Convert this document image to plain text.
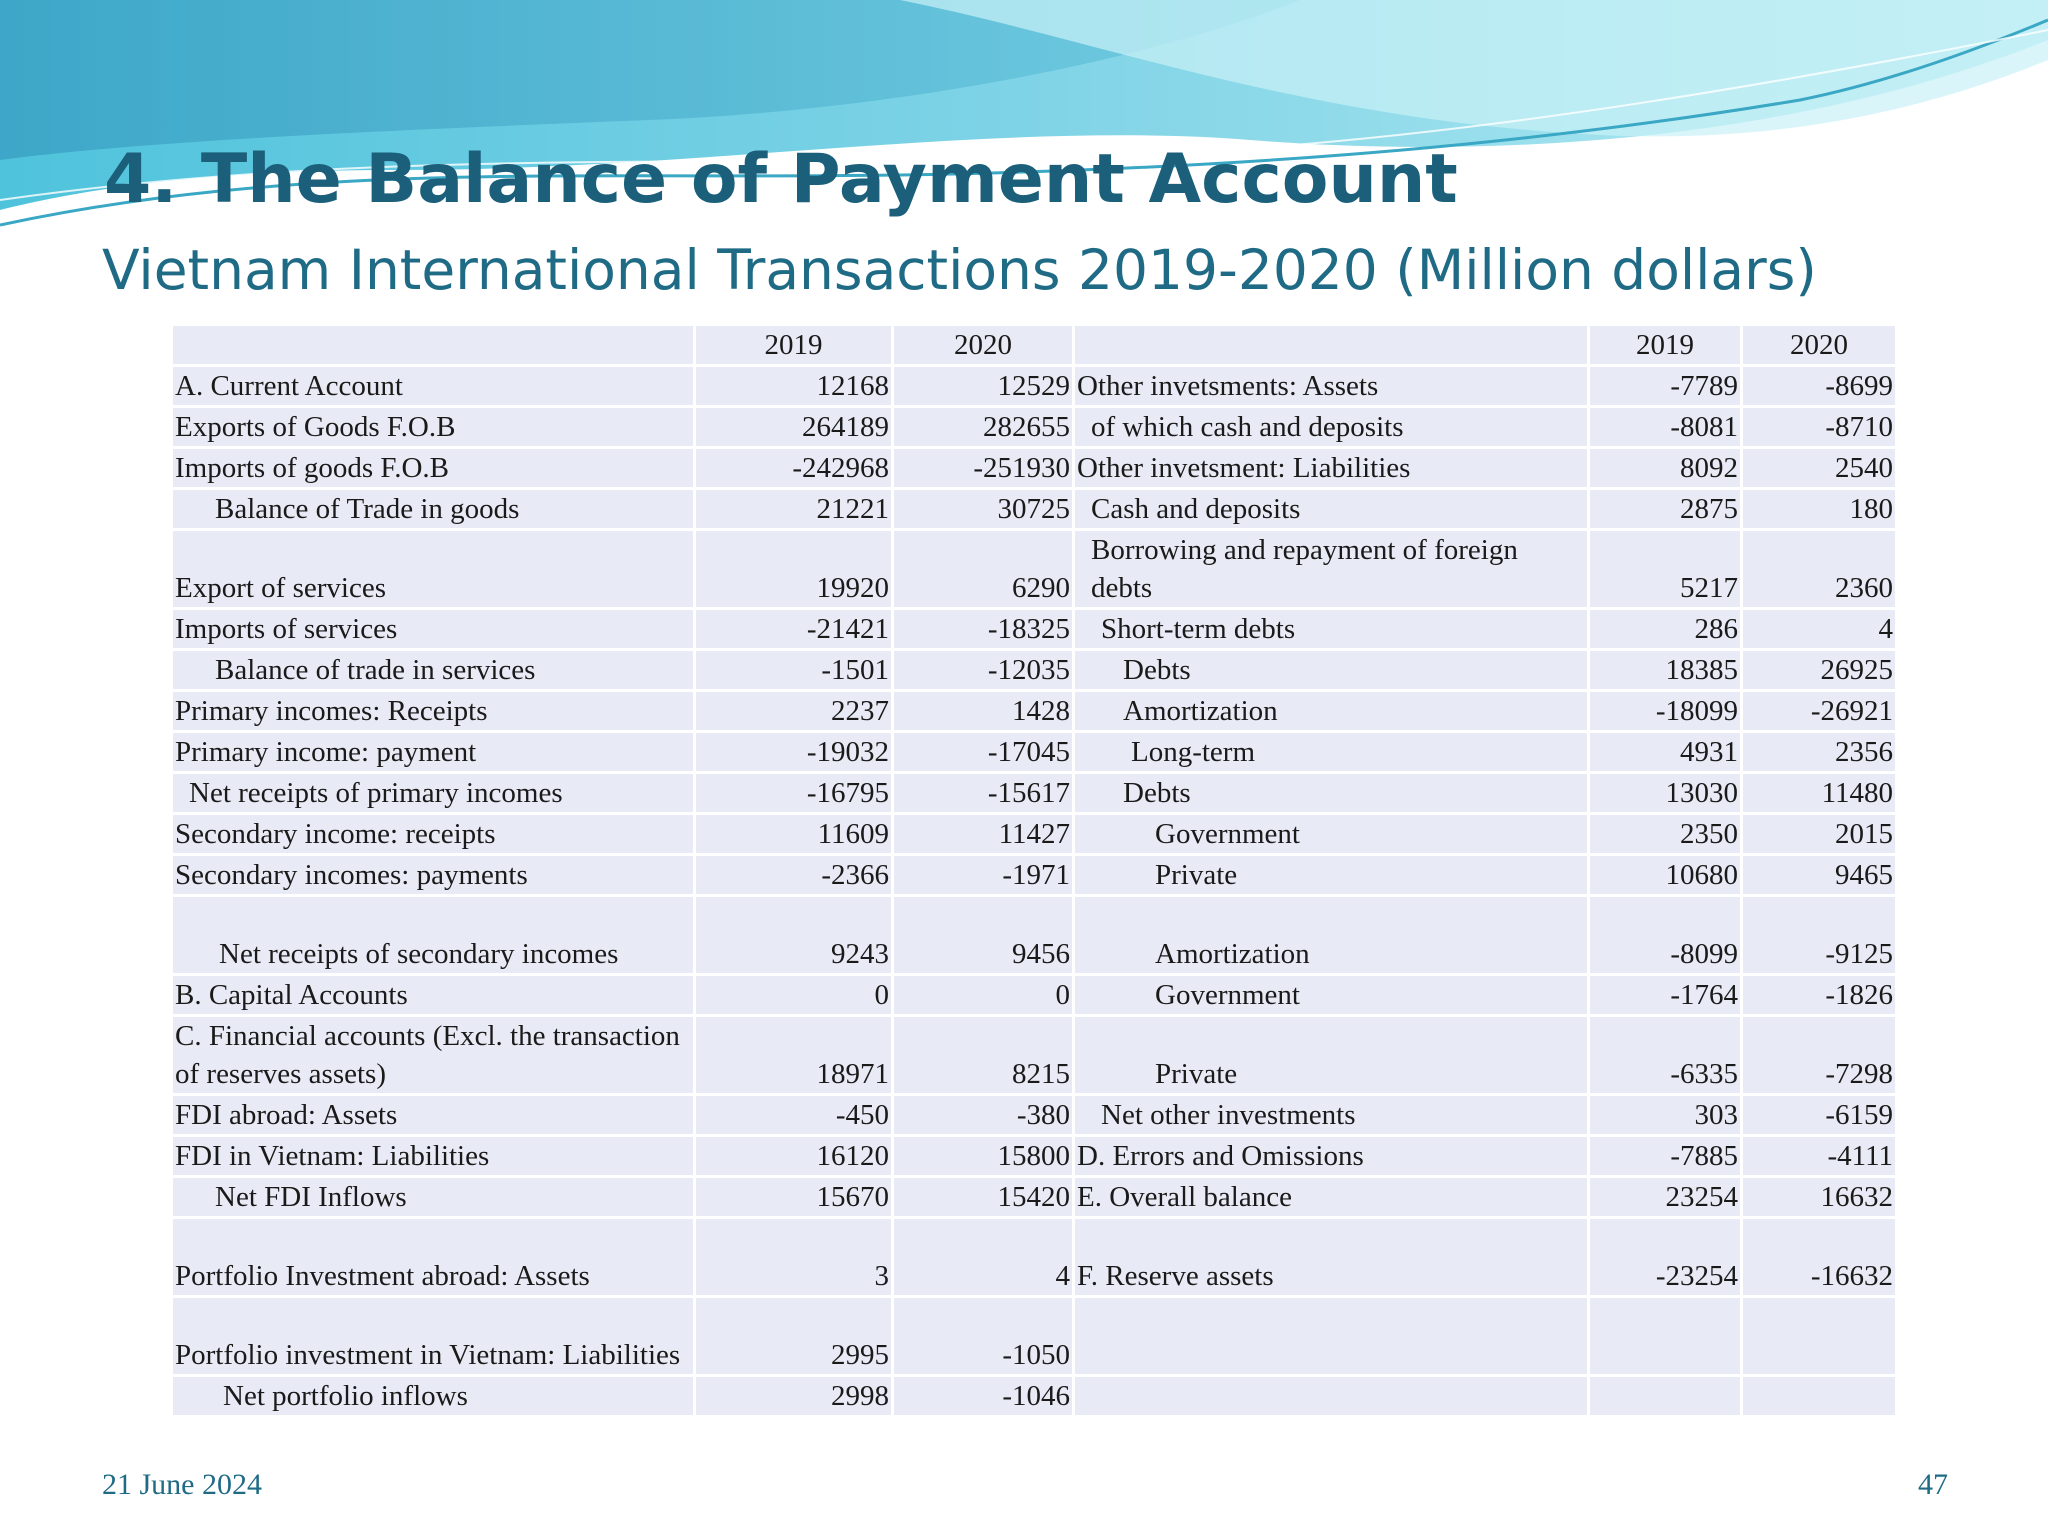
4. The Balance of Payment Account
Vietnam International Transactions 2019-2020 (Million dollars)
	2019	2020		2019	2020
A. Current Account	12168	12529	Other invetsments: Assets	-7789	-8699
Exports of Goods F.O.B	264189	282655	of which cash and deposits	-8081	-8710
Imports of goods F.O.B	-242968	-251930	Other invetsment: Liabilities	8092	2540
Balance of Trade in goods	21221	30725	Cash and deposits	2875	180
Export of services	19920	6290	Borrowing and repayment of foreign debts	5217	2360
Imports of services	-21421	-18325	Short-term debts	286	4
Balance of trade in services	-1501	-12035	Debts	18385	26925
Primary incomes: Receipts	2237	1428	Amortization	-18099	-26921
Primary income: payment	-19032	-17045	Long-term	4931	2356
Net receipts of primary incomes	-16795	-15617	Debts	13030	11480
Secondary income: receipts	11609	11427	Government	2350	2015
Secondary incomes: payments	-2366	-1971	Private	10680	9465
Net receipts of secondary incomes	9243	9456	Amortization	-8099	-9125
B. Capital Accounts	0	0	Government	-1764	-1826
C. Financial accounts (Excl. the transaction of reserves assets)	18971	8215	Private	-6335	-7298
FDI abroad: Assets	-450	-380	Net other investments	303	-6159
FDI in Vietnam: Liabilities	16120	15800	D. Errors and Omissions	-7885	-4111
Net FDI Inflows	15670	15420	E. Overall balance	23254	16632
Portfolio Investment abroad: Assets	3	4	F. Reserve assets	-23254	-16632
Portfolio investment in Vietnam: Liabilities	2995	-1050			
Net portfolio inflows	2998	-1046			
21 June 2024	47
